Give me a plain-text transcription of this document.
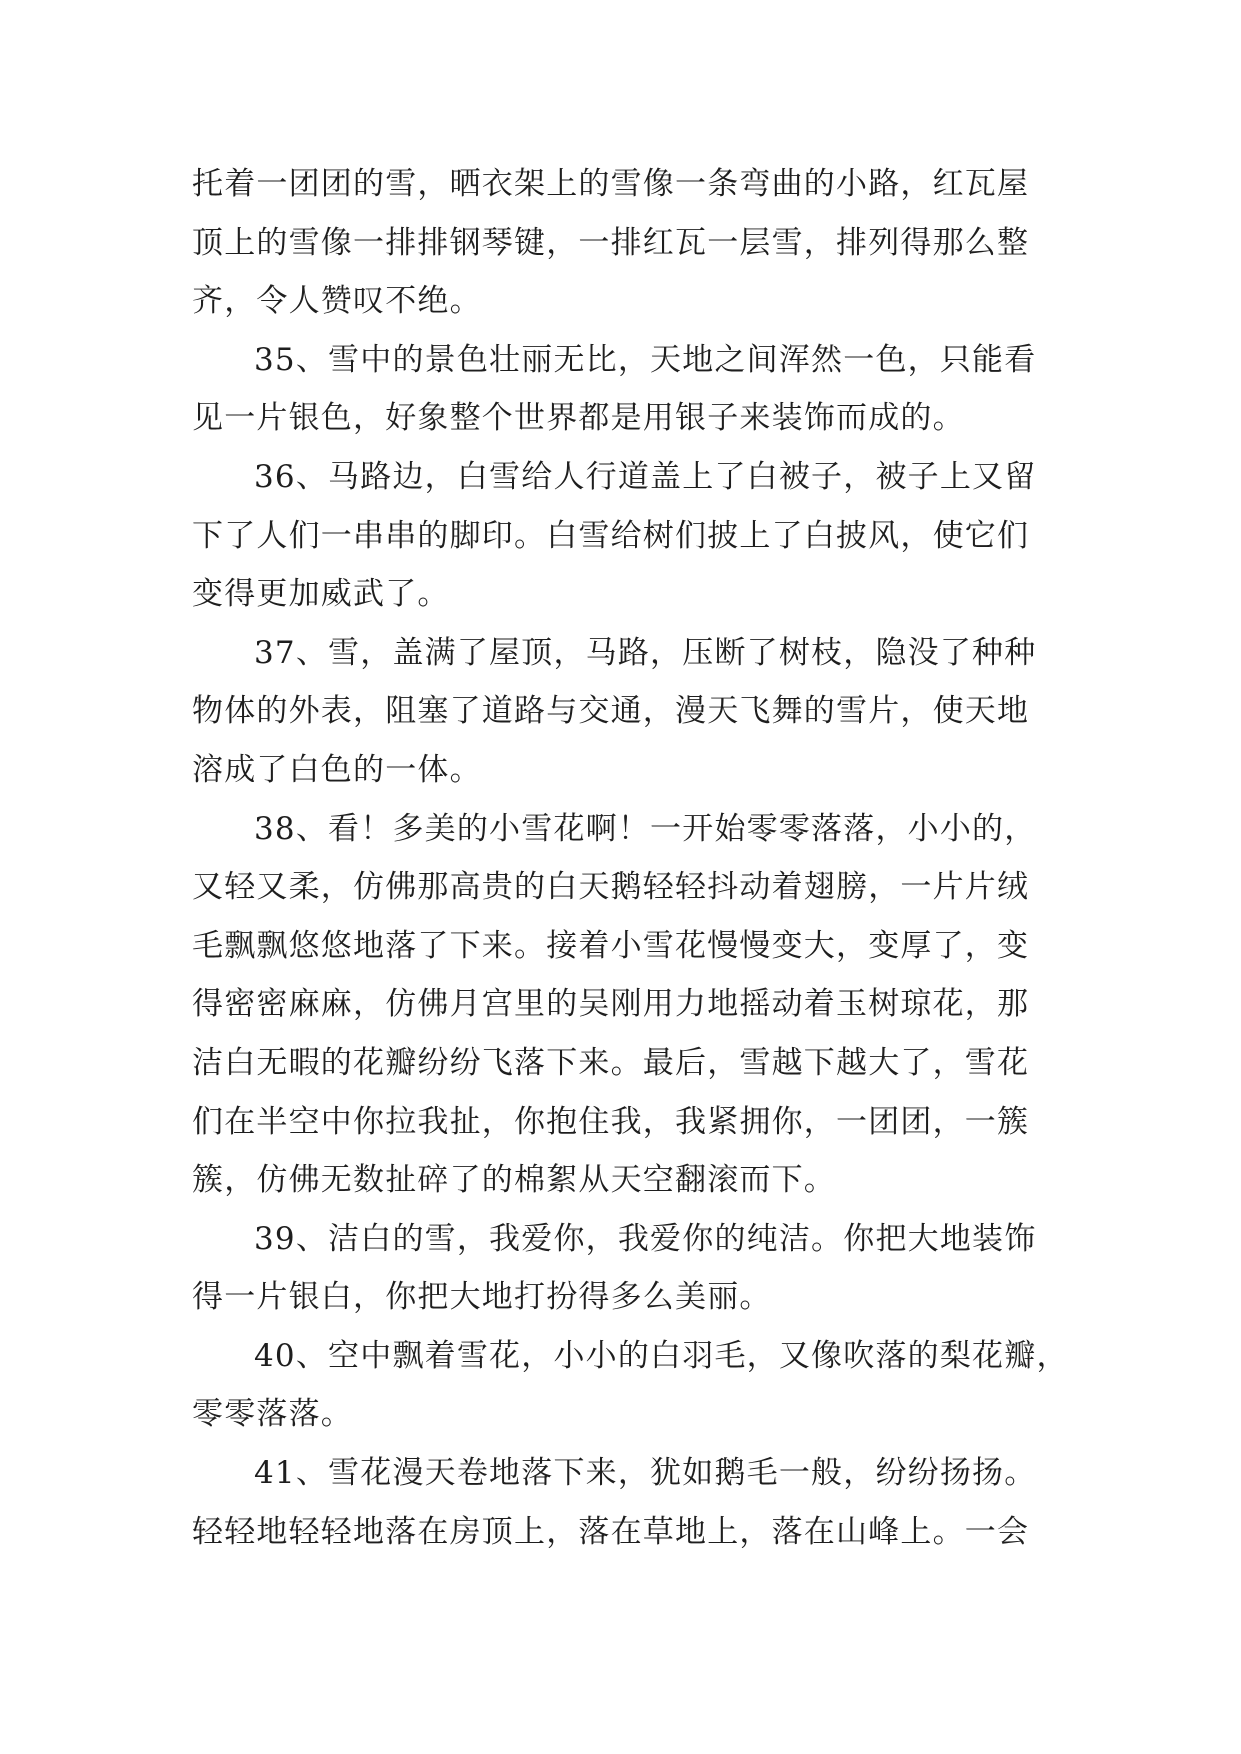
托着一团团的雪，晒衣架上的雪像一条弯曲的小路，红瓦屋
顶上的雪像一排排钢琴键，一排红瓦一层雪，排列得那么整
齐，令人赞叹不绝。
35、雪中的景色壮丽无比，天地之间浑然一色，只能看
见一片银色，好象整个世界都是用银子来装饰而成的。
36、马路边，白雪给人行道盖上了白被子，被子上又留
下了人们一串串的脚印。白雪给树们披上了白披风，使它们
变得更加威武了。
37、雪，盖满了屋顶，马路，压断了树枝，隐没了种种
物体的外表，阻塞了道路与交通，漫天飞舞的雪片，使天地
溶成了白色的一体。
38、看！多美的小雪花啊！一开始零零落落，小小的，
又轻又柔，仿佛那高贵的白天鹅轻轻抖动着翅膀，一片片绒
毛飘飘悠悠地落了下来。接着小雪花慢慢变大，变厚了，变
得密密麻麻，仿佛月宫里的吴刚用力地摇动着玉树琼花，那
洁白无暇的花瓣纷纷飞落下来。最后，雪越下越大了，雪花
们在半空中你拉我扯，你抱住我，我紧拥你，一团团，一簇
簇，仿佛无数扯碎了的棉絮从天空翻滚而下。
39、洁白的雪，我爱你，我爱你的纯洁。你把大地装饰
得一片银白，你把大地打扮得多么美丽。
40、空中飘着雪花，小小的白羽毛，又像吹落的梨花瓣，
零零落落。
41、雪花漫天卷地落下来，犹如鹅毛一般，纷纷扬扬。
轻轻地轻轻地落在房顶上，落在草地上，落在山峰上。一会
